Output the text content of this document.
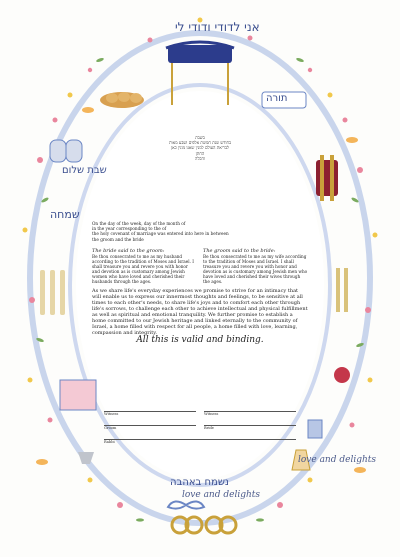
אני לדודי ודודי לי
תורה
שבת שלום
שמחה
נשמח באהבה
love and delights
love and delights
בשבת
בחודש שנת חמשת אלפים ושבע מאות
לבריאת העולם למנין שאנו מונין כאן
החתן
והכלה
On the day of the week, day of the month of
in the year corresponding to the of
the holy covenant of marriage was entered into here in between
the groom and the bride
The bride said to the groom:
Be thou consecrated to me as my husband according to the tradition of Moses and Israel. I shall treasure you and revere you with honor and devotion as is customary among Jewish women who have loved and cherished their husbands through the ages.
The groom said to the bride:
Be thou consecrated to me as my wife according to the tradition of Moses and Israel. I shall treasure you and revere you with honor and devotion as is customary among Jewish men who have loved and cherished their wives through the ages.
As we share life's everyday experiences we promise to strive for an intimacy that will enable us to express our innermost thoughts and feelings, to be sensitive at all times to each other's needs, to share life's joys and to comfort each other through life's sorrows, to challenge each other to achieve intellectual and physical fulfillment as well as spiritual and emotional tranquility. We further promise to establish a home committed to our Jewish heritage and linked eternally to the community of Israel, a home filled with respect for all people, a home filled with love, learning, compassion and integrity.
All this is valid and binding.
Witness	Witness
Groom	Bride
Rabbi
